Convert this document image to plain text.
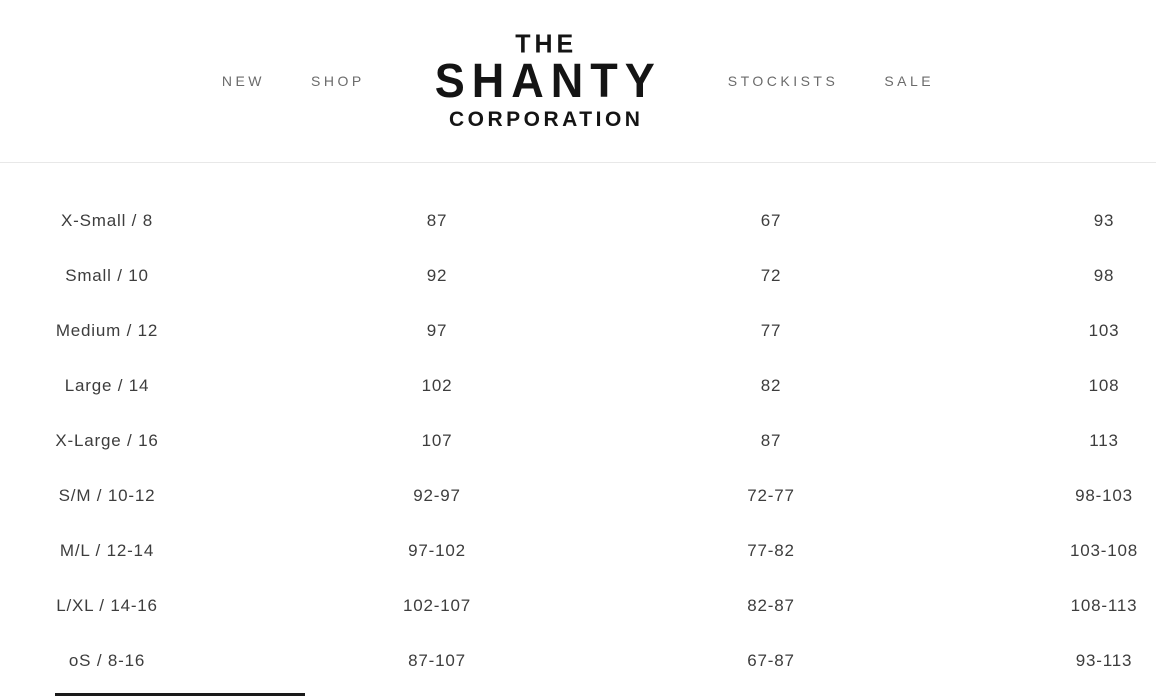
NEW	SHOP
THE
SHANTY
CORPORATION
STOCKISTS	SALE
X-Small / 8	87	67	93
Small / 10	92	72	98
Medium / 12	97	77	103
Large / 14	102	82	108
X-Large / 16	107	87	113
S/M / 10-12	92-97	72-77	98-103
M/L / 12-14	97-102	77-82	103-108
L/XL / 14-16	102-107	82-87	108-113
oS / 8-16	87-107	67-87	93-113
